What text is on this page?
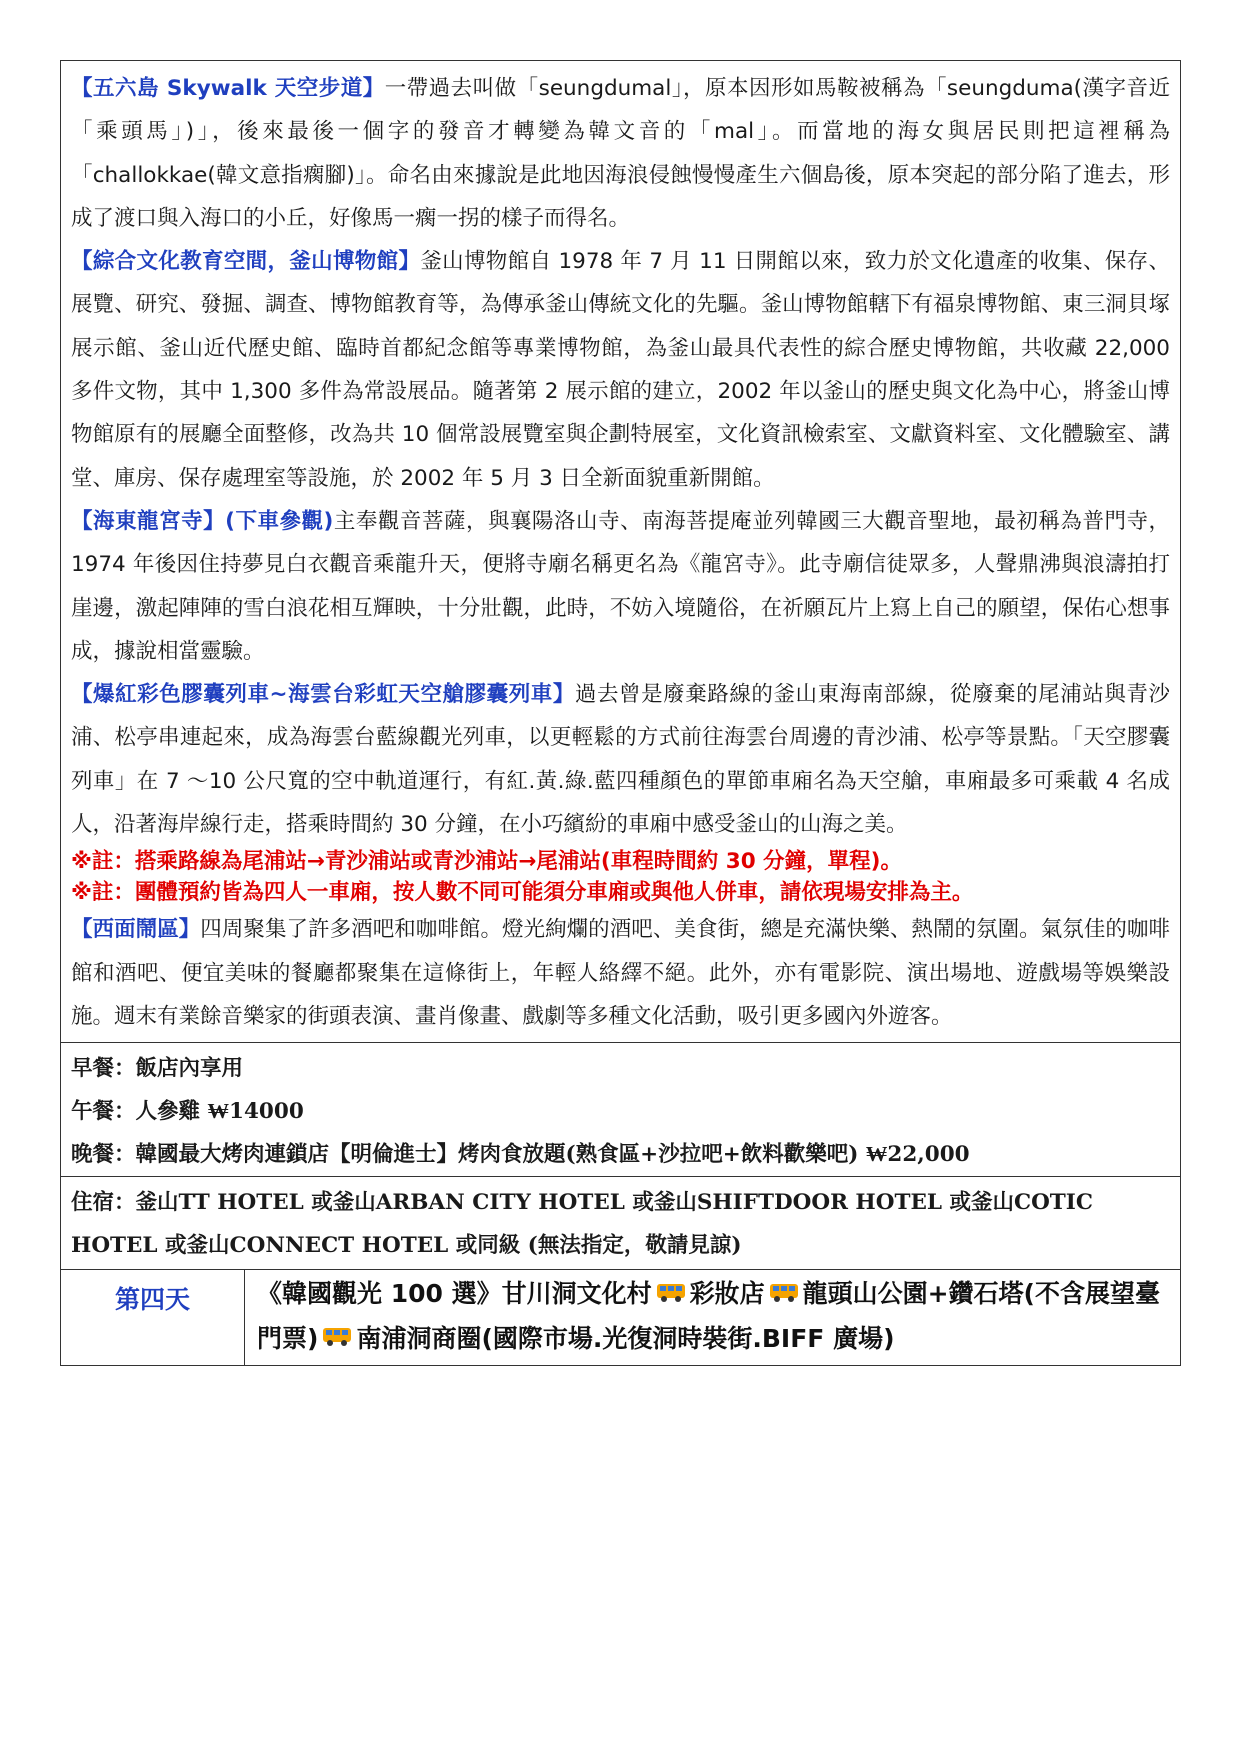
【五六島 Skywalk 天空步道】一帶過去叫做「seungdumal」，原本因形如馬鞍被稱為「seungduma(漢字音近「乘頭馬」)」，後來最後一個字的發音才轉變為韓文音的「mal」。而當地的海女與居民則把這裡稱為「challokkae(韓文意指瘸腳)」。命名由來據說是此地因海浪侵蝕慢慢產生六個島後，原本突起的部分陷了進去，形成了渡口與入海口的小丘，好像馬一瘸一拐的樣子而得名。

【綜合文化教育空間，釜山博物館】釜山博物館自 1978 年 7 月 11 日開館以來，致力於文化遺產的收集、保存、展覽、研究、發掘、調查、博物館教育等，為傳承釜山傳統文化的先驅。釜山博物館轄下有福泉博物館、東三洞貝塚展示館、釜山近代歷史館、臨時首都紀念館等專業博物館，為釜山最具代表性的綜合歷史博物館，共收藏 22,000 多件文物，其中 1,300 多件為常設展品。隨著第 2 展示館的建立，2002 年以釜山的歷史與文化為中心，將釜山博物館原有的展廳全面整修，改為共 10 個常設展覽室與企劃特展室，文化資訊檢索室、文獻資料室、文化體驗室、講堂、庫房、保存處理室等設施，於 2002 年 5 月 3 日全新面貌重新開館。

【海東龍宮寺】(下車參觀)主奉觀音菩薩，與襄陽洛山寺、南海菩提庵並列韓國三大觀音聖地，最初稱為普門寺，1974 年後因住持夢見白衣觀音乘龍升天，便將寺廟名稱更名為《龍宮寺》。此寺廟信徒眾多，人聲鼎沸與浪濤拍打崖邊，激起陣陣的雪白浪花相互輝映，十分壯觀，此時，不妨入境隨俗，在祈願瓦片上寫上自己的願望，保佑心想事成，據說相當靈驗。

【爆紅彩色膠囊列車~海雲台彩虹天空艙膠囊列車】過去曾是廢棄路線的釜山東海南部線，從廢棄的尾浦站與青沙浦、松亭串連起來，成為海雲台藍線觀光列車，以更輕鬆的方式前往海雲台周邊的青沙浦、松亭等景點。「天空膠囊列車」在 7 ～10 公尺寬的空中軌道運行，有紅.黃.綠.藍四種顏色的單節車廂名為天空艙，車廂最多可乘載 4 名成人，沿著海岸線行走，搭乘時間約 30 分鐘，在小巧繽紛的車廂中感受釜山的山海之美。

※註：搭乘路線為尾浦站→青沙浦站或青沙浦站→尾浦站(車程時間約 30 分鐘，單程)。

※註：團體預約皆為四人一車廂，按人數不同可能須分車廂或與他人併車，請依現場安排為主。

【西面鬧區】四周聚集了許多酒吧和咖啡館。燈光絢爛的酒吧、美食街，總是充滿快樂、熱鬧的氛圍。氣氛佳的咖啡館和酒吧、便宜美味的餐廳都聚集在這條街上，年輕人絡繹不絕。此外，亦有電影院、演出場地、遊戲場等娛樂設施。週末有業餘音樂家的街頭表演、畫肖像畫、戲劇等多種文化活動，吸引更多國內外遊客。

早餐：飯店內享用
午餐：人參雞 ₩14000
晚餐：韓國最大烤肉連鎖店【明倫進士】烤肉食放題(熟食區+沙拉吧+飲料歡樂吧) ₩22,000
住宿：釜山TT HOTEL 或釜山ARBAN CITY HOTEL 或釜山SHIFTDOOR HOTEL 或釜山COTIC HOTEL 或釜山CONNECT HOTEL 或同級 (無法指定，敬請見諒)
第四天	《韓國觀光 100 選》甘川洞文化村 彩妝店 龍頭山公園+鑽石塔(不含展望臺門票) 南浦洞商圈(國際市場.光復洞時裝街.BIFF 廣場)
